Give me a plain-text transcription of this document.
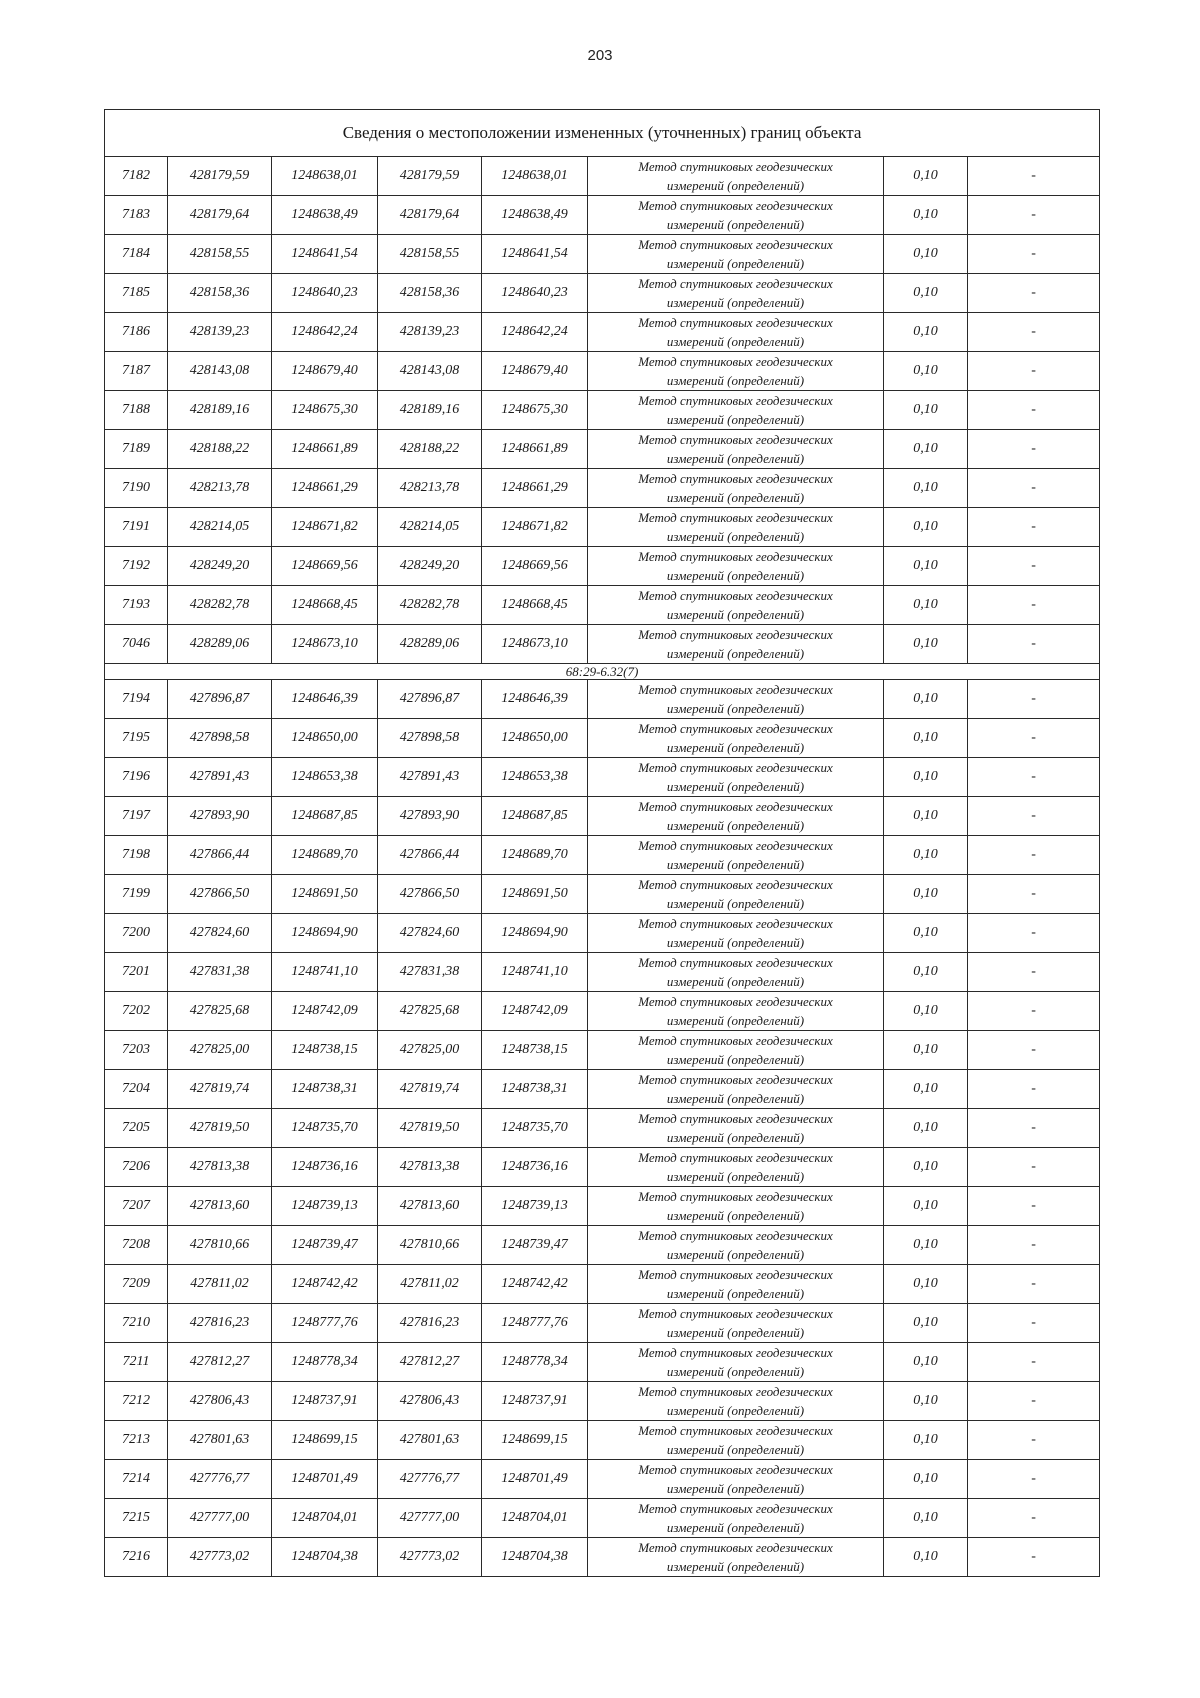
203
Сведения о местоположении измененных (уточненных) границ объекта							
7182	428179,59	1248638,01	428179,59	1248638,01	Метод спутниковых геодезических
измерений (определений)	0,10	-
7183	428179,64	1248638,49	428179,64	1248638,49	Метод спутниковых геодезических
измерений (определений)	0,10	-
7184	428158,55	1248641,54	428158,55	1248641,54	Метод спутниковых геодезических
измерений (определений)	0,10	-
7185	428158,36	1248640,23	428158,36	1248640,23	Метод спутниковых геодезических
измерений (определений)	0,10	-
7186	428139,23	1248642,24	428139,23	1248642,24	Метод спутниковых геодезических
измерений (определений)	0,10	-
7187	428143,08	1248679,40	428143,08	1248679,40	Метод спутниковых геодезических
измерений (определений)	0,10	-
7188	428189,16	1248675,30	428189,16	1248675,30	Метод спутниковых геодезических
измерений (определений)	0,10	-
7189	428188,22	1248661,89	428188,22	1248661,89	Метод спутниковых геодезических
измерений (определений)	0,10	-
7190	428213,78	1248661,29	428213,78	1248661,29	Метод спутниковых геодезических
измерений (определений)	0,10	-
7191	428214,05	1248671,82	428214,05	1248671,82	Метод спутниковых геодезических
измерений (определений)	0,10	-
7192	428249,20	1248669,56	428249,20	1248669,56	Метод спутниковых геодезических
измерений (определений)	0,10	-
7193	428282,78	1248668,45	428282,78	1248668,45	Метод спутниковых геодезических
измерений (определений)	0,10	-
7046	428289,06	1248673,10	428289,06	1248673,10	Метод спутниковых геодезических
измерений (определений)	0,10	-
68:29-6.32(7)							
7194	427896,87	1248646,39	427896,87	1248646,39	Метод спутниковых геодезических
измерений (определений)	0,10	-
7195	427898,58	1248650,00	427898,58	1248650,00	Метод спутниковых геодезических
измерений (определений)	0,10	-
7196	427891,43	1248653,38	427891,43	1248653,38	Метод спутниковых геодезических
измерений (определений)	0,10	-
7197	427893,90	1248687,85	427893,90	1248687,85	Метод спутниковых геодезических
измерений (определений)	0,10	-
7198	427866,44	1248689,70	427866,44	1248689,70	Метод спутниковых геодезических
измерений (определений)	0,10	-
7199	427866,50	1248691,50	427866,50	1248691,50	Метод спутниковых геодезических
измерений (определений)	0,10	-
7200	427824,60	1248694,90	427824,60	1248694,90	Метод спутниковых геодезических
измерений (определений)	0,10	-
7201	427831,38	1248741,10	427831,38	1248741,10	Метод спутниковых геодезических
измерений (определений)	0,10	-
7202	427825,68	1248742,09	427825,68	1248742,09	Метод спутниковых геодезических
измерений (определений)	0,10	-
7203	427825,00	1248738,15	427825,00	1248738,15	Метод спутниковых геодезических
измерений (определений)	0,10	-
7204	427819,74	1248738,31	427819,74	1248738,31	Метод спутниковых геодезических
измерений (определений)	0,10	-
7205	427819,50	1248735,70	427819,50	1248735,70	Метод спутниковых геодезических
измерений (определений)	0,10	-
7206	427813,38	1248736,16	427813,38	1248736,16	Метод спутниковых геодезических
измерений (определений)	0,10	-
7207	427813,60	1248739,13	427813,60	1248739,13	Метод спутниковых геодезических
измерений (определений)	0,10	-
7208	427810,66	1248739,47	427810,66	1248739,47	Метод спутниковых геодезических
измерений (определений)	0,10	-
7209	427811,02	1248742,42	427811,02	1248742,42	Метод спутниковых геодезических
измерений (определений)	0,10	-
7210	427816,23	1248777,76	427816,23	1248777,76	Метод спутниковых геодезических
измерений (определений)	0,10	-
7211	427812,27	1248778,34	427812,27	1248778,34	Метод спутниковых геодезических
измерений (определений)	0,10	-
7212	427806,43	1248737,91	427806,43	1248737,91	Метод спутниковых геодезических
измерений (определений)	0,10	-
7213	427801,63	1248699,15	427801,63	1248699,15	Метод спутниковых геодезических
измерений (определений)	0,10	-
7214	427776,77	1248701,49	427776,77	1248701,49	Метод спутниковых геодезических
измерений (определений)	0,10	-
7215	427777,00	1248704,01	427777,00	1248704,01	Метод спутниковых геодезических
измерений (определений)	0,10	-
7216	427773,02	1248704,38	427773,02	1248704,38	Метод спутниковых геодезических
измерений (определений)	0,10	-
